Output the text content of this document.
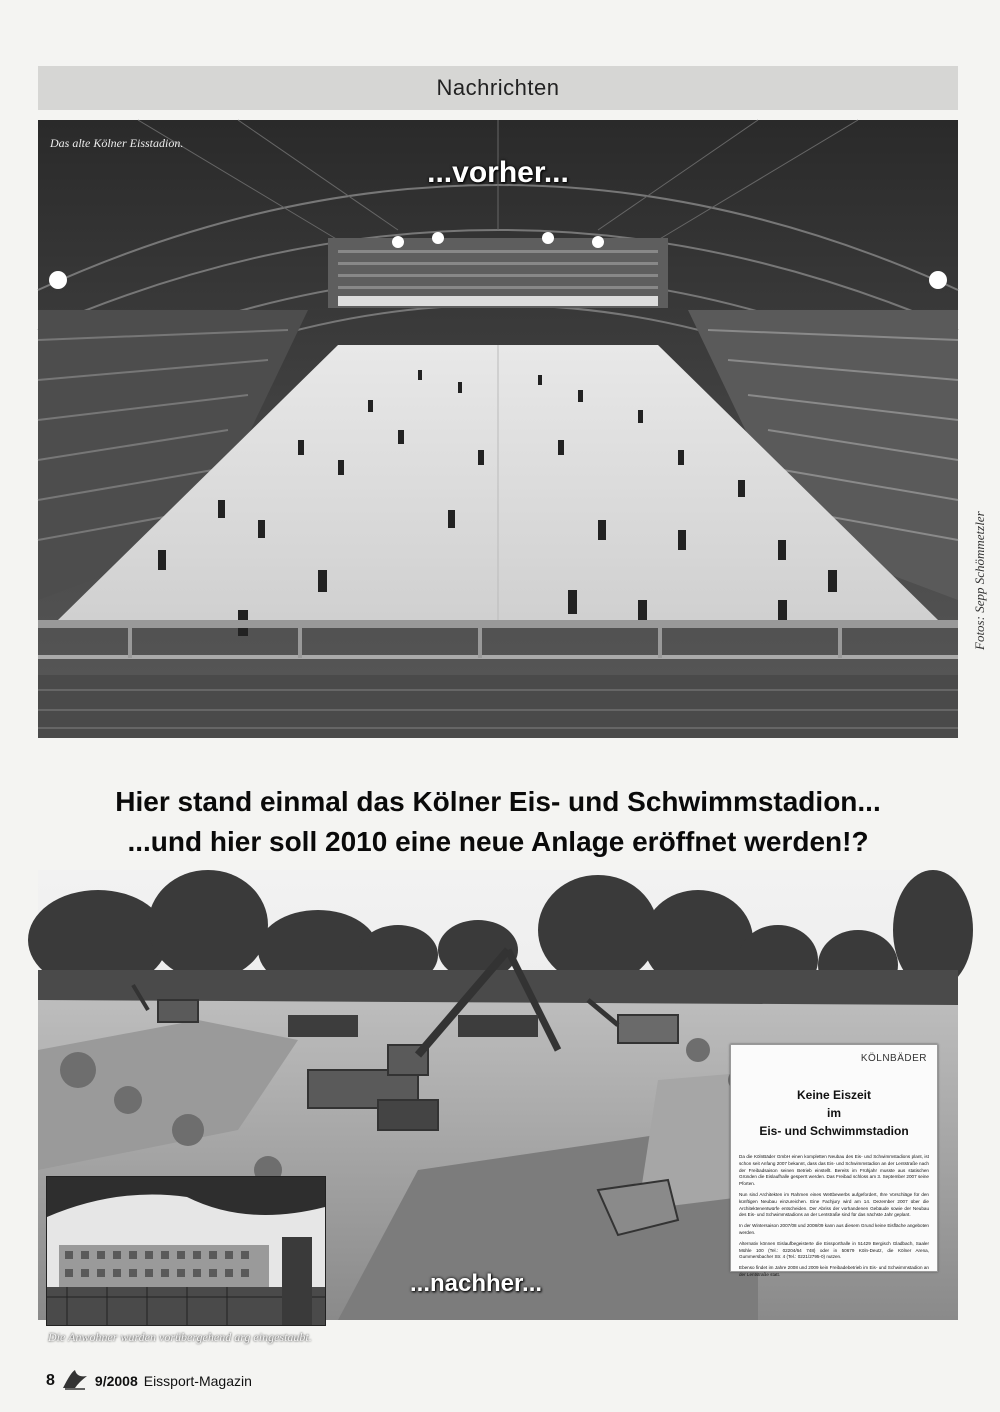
Nachrichten
Das alte Kölner Eisstadion.
...vorher...
Fotos: Sepp Schömmetzler
Hier stand einmal das Kölner Eis- und Schwimmstadion...
...und hier soll 2010 eine neue Anlage eröffnet werden!?
Die Anwohner wurden vorübergehend arg eingestaubt.
...nachher...
KÖLNBÄDER
Keine Eiszeit
im
Eis- und Schwimmstadion

Da die KölnBäder GmbH einen kompletten Neubau des Eis- und Schwimmstadions plant, ist schon seit Anfang 2007 bekannt, dass das Eis- und Schwimmstadion an der Lentstraße nach der Freibadsaison seinen Betrieb einstellt. Bereits im Frühjahr musste aus statischen Gründen die Eislaufhalle gesperrt werden. Das Freibad schloss am 3. September 2007 seine Pforten.

Nun sind Architekten im Rahmen eines Wettbewerbs aufgefordert, Ihre Vorschläge für den künftigen Neubau einzureichen. Eine Fachjury wird am 14. Dezember 2007 über die Architektenentwürfe entscheiden. Der Abriss der vorhandenen Gebäude sowie der Neubau des Eis- und Schwimmstadions an der Lentstraße sind für das nächste Jahr geplant.

In der Wintersaison 2007/08 und 2008/09 kann aus diesem Grund keine Eisfläche angeboten werden.

Alternativ können Eislaufbegeisterte die Eissporthalle in 51429 Bergisch Gladbach, Saaler Mühle 100 (Tel.: 02204/64 748) oder in 50679 Köln-Deutz, die Kölner Arena, Gummersbacher Str. 4 (Tel.: 0221/2795-0) nutzen.

Ebenso findet im Jahre 2008 und 2009 kein Freibadebetrieb im Eis- und Schwimmstadion an der Lentstraße statt.

8	9/2008 Eissport-Magazin
